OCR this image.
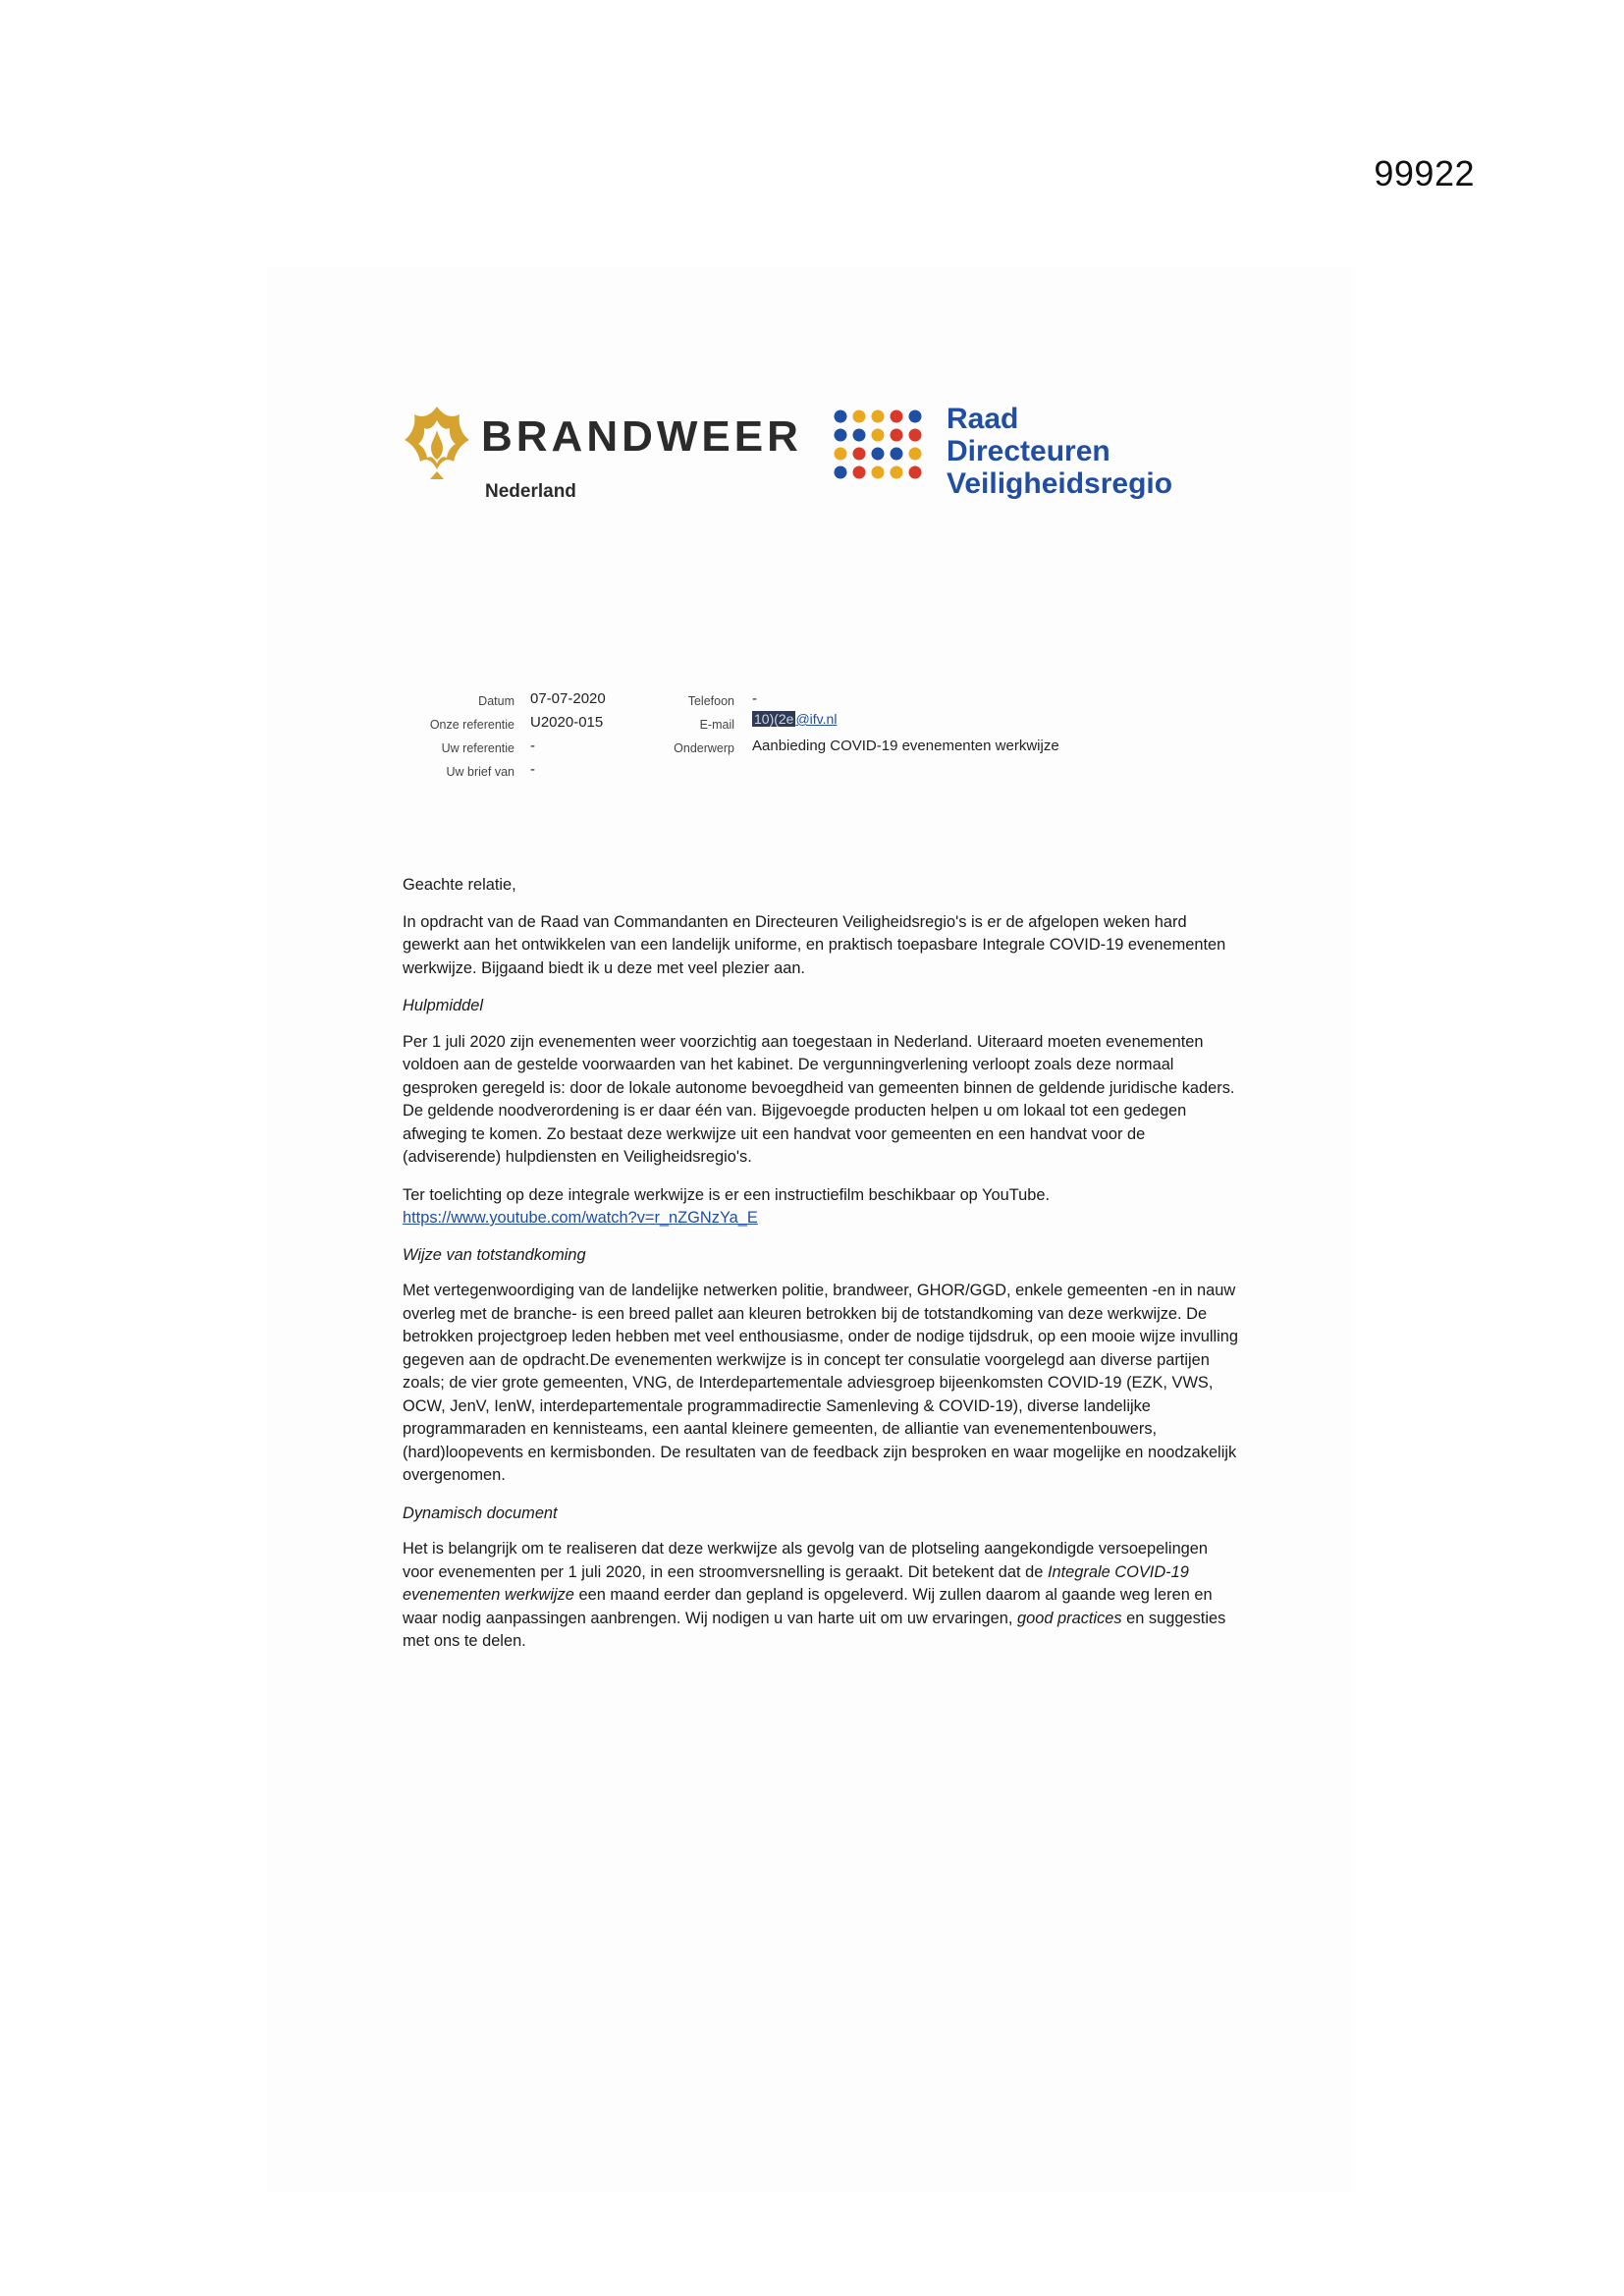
99922
BRANDWEER
Nederland
Raad
Directeuren
Veiligheidsregio
Datum 07-07-2020
Onze referentie U2020-015
Uw referentie -
Uw brief van -
Telefoon -
E-mail 10)(2e @ifv.nl
Onderwerp Aanbieding COVID-19 evenementen werkwijze

Geachte relatie,

In opdracht van de Raad van Commandanten en Directeuren Veiligheidsregio's is er de afgelopen weken hard gewerkt aan het ontwikkelen van een landelijk uniforme, en praktisch toepasbare Integrale COVID-19 evenementen werkwijze. Bijgaand biedt ik u deze met veel plezier aan.

Hulpmiddel

Per 1 juli 2020 zijn evenementen weer voorzichtig aan toegestaan in Nederland. Uiteraard moeten evenementen voldoen aan de gestelde voorwaarden van het kabinet. De vergunningverlening verloopt zoals deze normaal gesproken geregeld is: door de lokale autonome bevoegdheid van gemeenten binnen de geldende juridische kaders. De geldende noodverordening is er daar één van. Bijgevoegde producten helpen u om lokaal tot een gedegen afweging te komen. Zo bestaat deze werkwijze uit een handvat voor gemeenten en een handvat voor de (adviserende) hulpdiensten en Veiligheidsregio's.

Ter toelichting op deze integrale werkwijze is er een instructiefilm beschikbaar op YouTube.
https://www.youtube.com/watch?v=r_nZGNzYa_E

Wijze van totstandkoming

Met vertegenwoordiging van de landelijke netwerken politie, brandweer, GHOR/GGD, enkele gemeenten -en in nauw overleg met de branche- is een breed pallet aan kleuren betrokken bij de totstandkoming van deze werkwijze. De betrokken projectgroep leden hebben met veel enthousiasme, onder de nodige tijdsdruk, op een mooie wijze invulling gegeven aan de opdracht.De evenementen werkwijze is in concept ter consulatie voorgelegd aan diverse partijen zoals; de vier grote gemeenten, VNG, de Interdepartementale adviesgroep bijeenkomsten COVID-19 (EZK, VWS, OCW, JenV, IenW, interdepartementale programmadirectie Samenleving & COVID-19), diverse landelijke programmaraden en kennisteams, een aantal kleinere gemeenten, de alliantie van evenementenbouwers, (hard)loopevents en kermisbonden. De resultaten van de feedback zijn besproken en waar mogelijke en noodzakelijk overgenomen.

Dynamisch document

Het is belangrijk om te realiseren dat deze werkwijze als gevolg van de plotseling aangekondigde versoepelingen voor evenementen per 1 juli 2020, in een stroomversnelling is geraakt. Dit betekent dat de Integrale COVID-19 evenementen werkwijze een maand eerder dan gepland is opgeleverd. Wij zullen daarom al gaande weg leren en waar nodig aanpassingen aanbrengen. Wij nodigen u van harte uit om uw ervaringen, good practices en suggesties met ons te delen.
